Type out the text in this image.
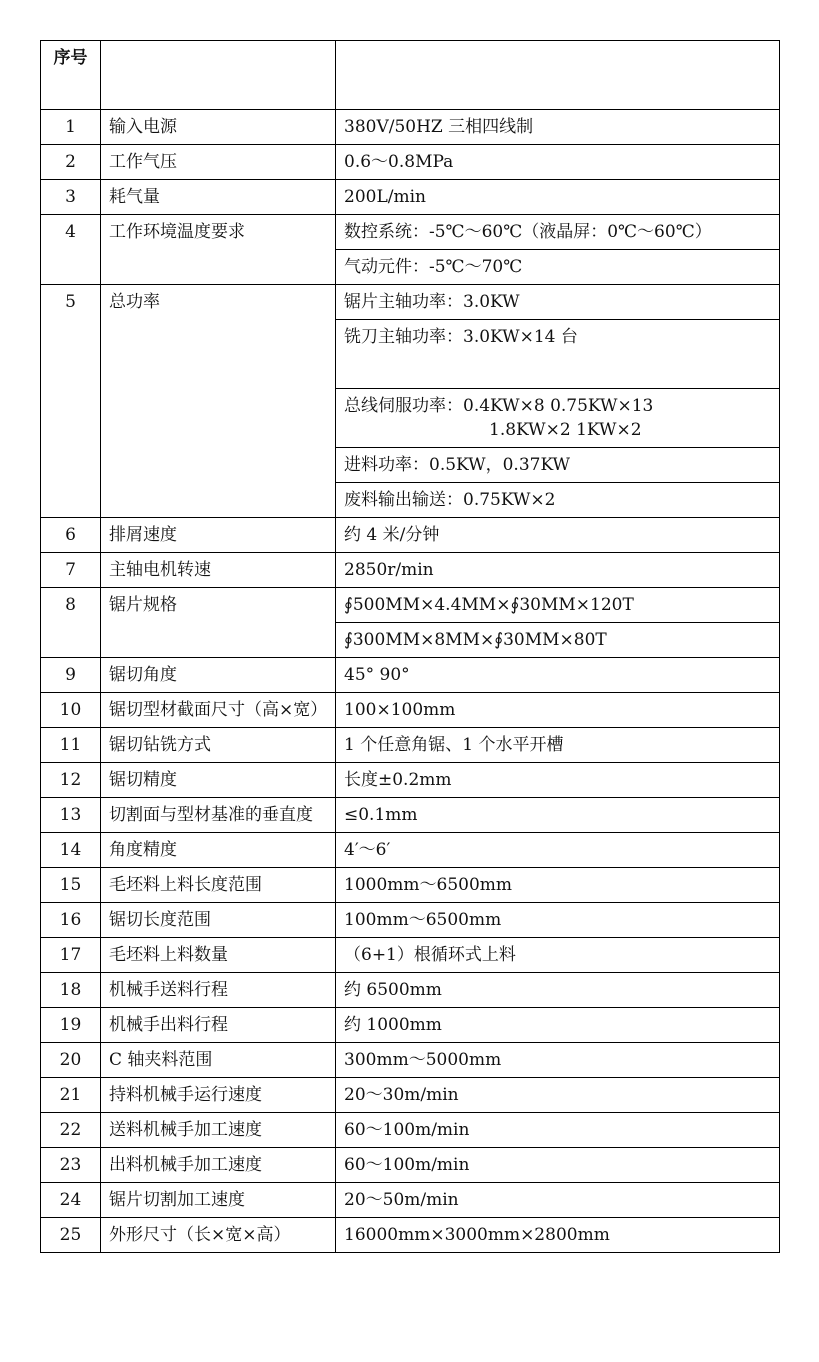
序号		
1	输入电源	380V/50HZ 三相四线制
2	工作气压	0.6～0.8MPa
3	耗气量	200L/min
4	工作环境温度要求	数控系统：-5℃～60℃（液晶屏：0℃～60℃）
		气动元件：-5℃～70℃
5	总功率	锯片主轴功率：3.0KW
		铣刀主轴功率：3.0KW×14 台
		总线伺服功率：0.4KW×8 0.75KW×13

1.8KW×2 1KW×2

		进料功率：0.5KW，0.37KW
		废料输出输送：0.75KW×2
6	排屑速度	约 4 米/分钟
7	主轴电机转速	2850r/min
8	锯片规格	∮500MM×4.4MM×∮30MM×120T
		∮300MM×8MM×∮30MM×80T
9	锯切角度	45° 90°
10	锯切型材截面尺寸（高×宽）	100×100mm
11	锯切钻铣方式	1 个任意角锯、1 个水平开槽
12	锯切精度	长度±0.2mm
13	切割面与型材基准的垂直度	≤0.1mm
14	角度精度	4′～6′
15	毛坯料上料长度范围	1000mm～6500mm
16	锯切长度范围	100mm～6500mm
17	毛坯料上料数量	（6+1）根循环式上料
18	机械手送料行程	约 6500mm
19	机械手出料行程	约 1000mm
20	C 轴夹料范围	300mm～5000mm
21	持料机械手运行速度	20～30m/min
22	送料机械手加工速度	60～100m/min
23	出料机械手加工速度	60～100m/min
24	锯片切割加工速度	20～50m/min
25	外形尺寸（长×宽×高）	16000mm×3000mm×2800mm
